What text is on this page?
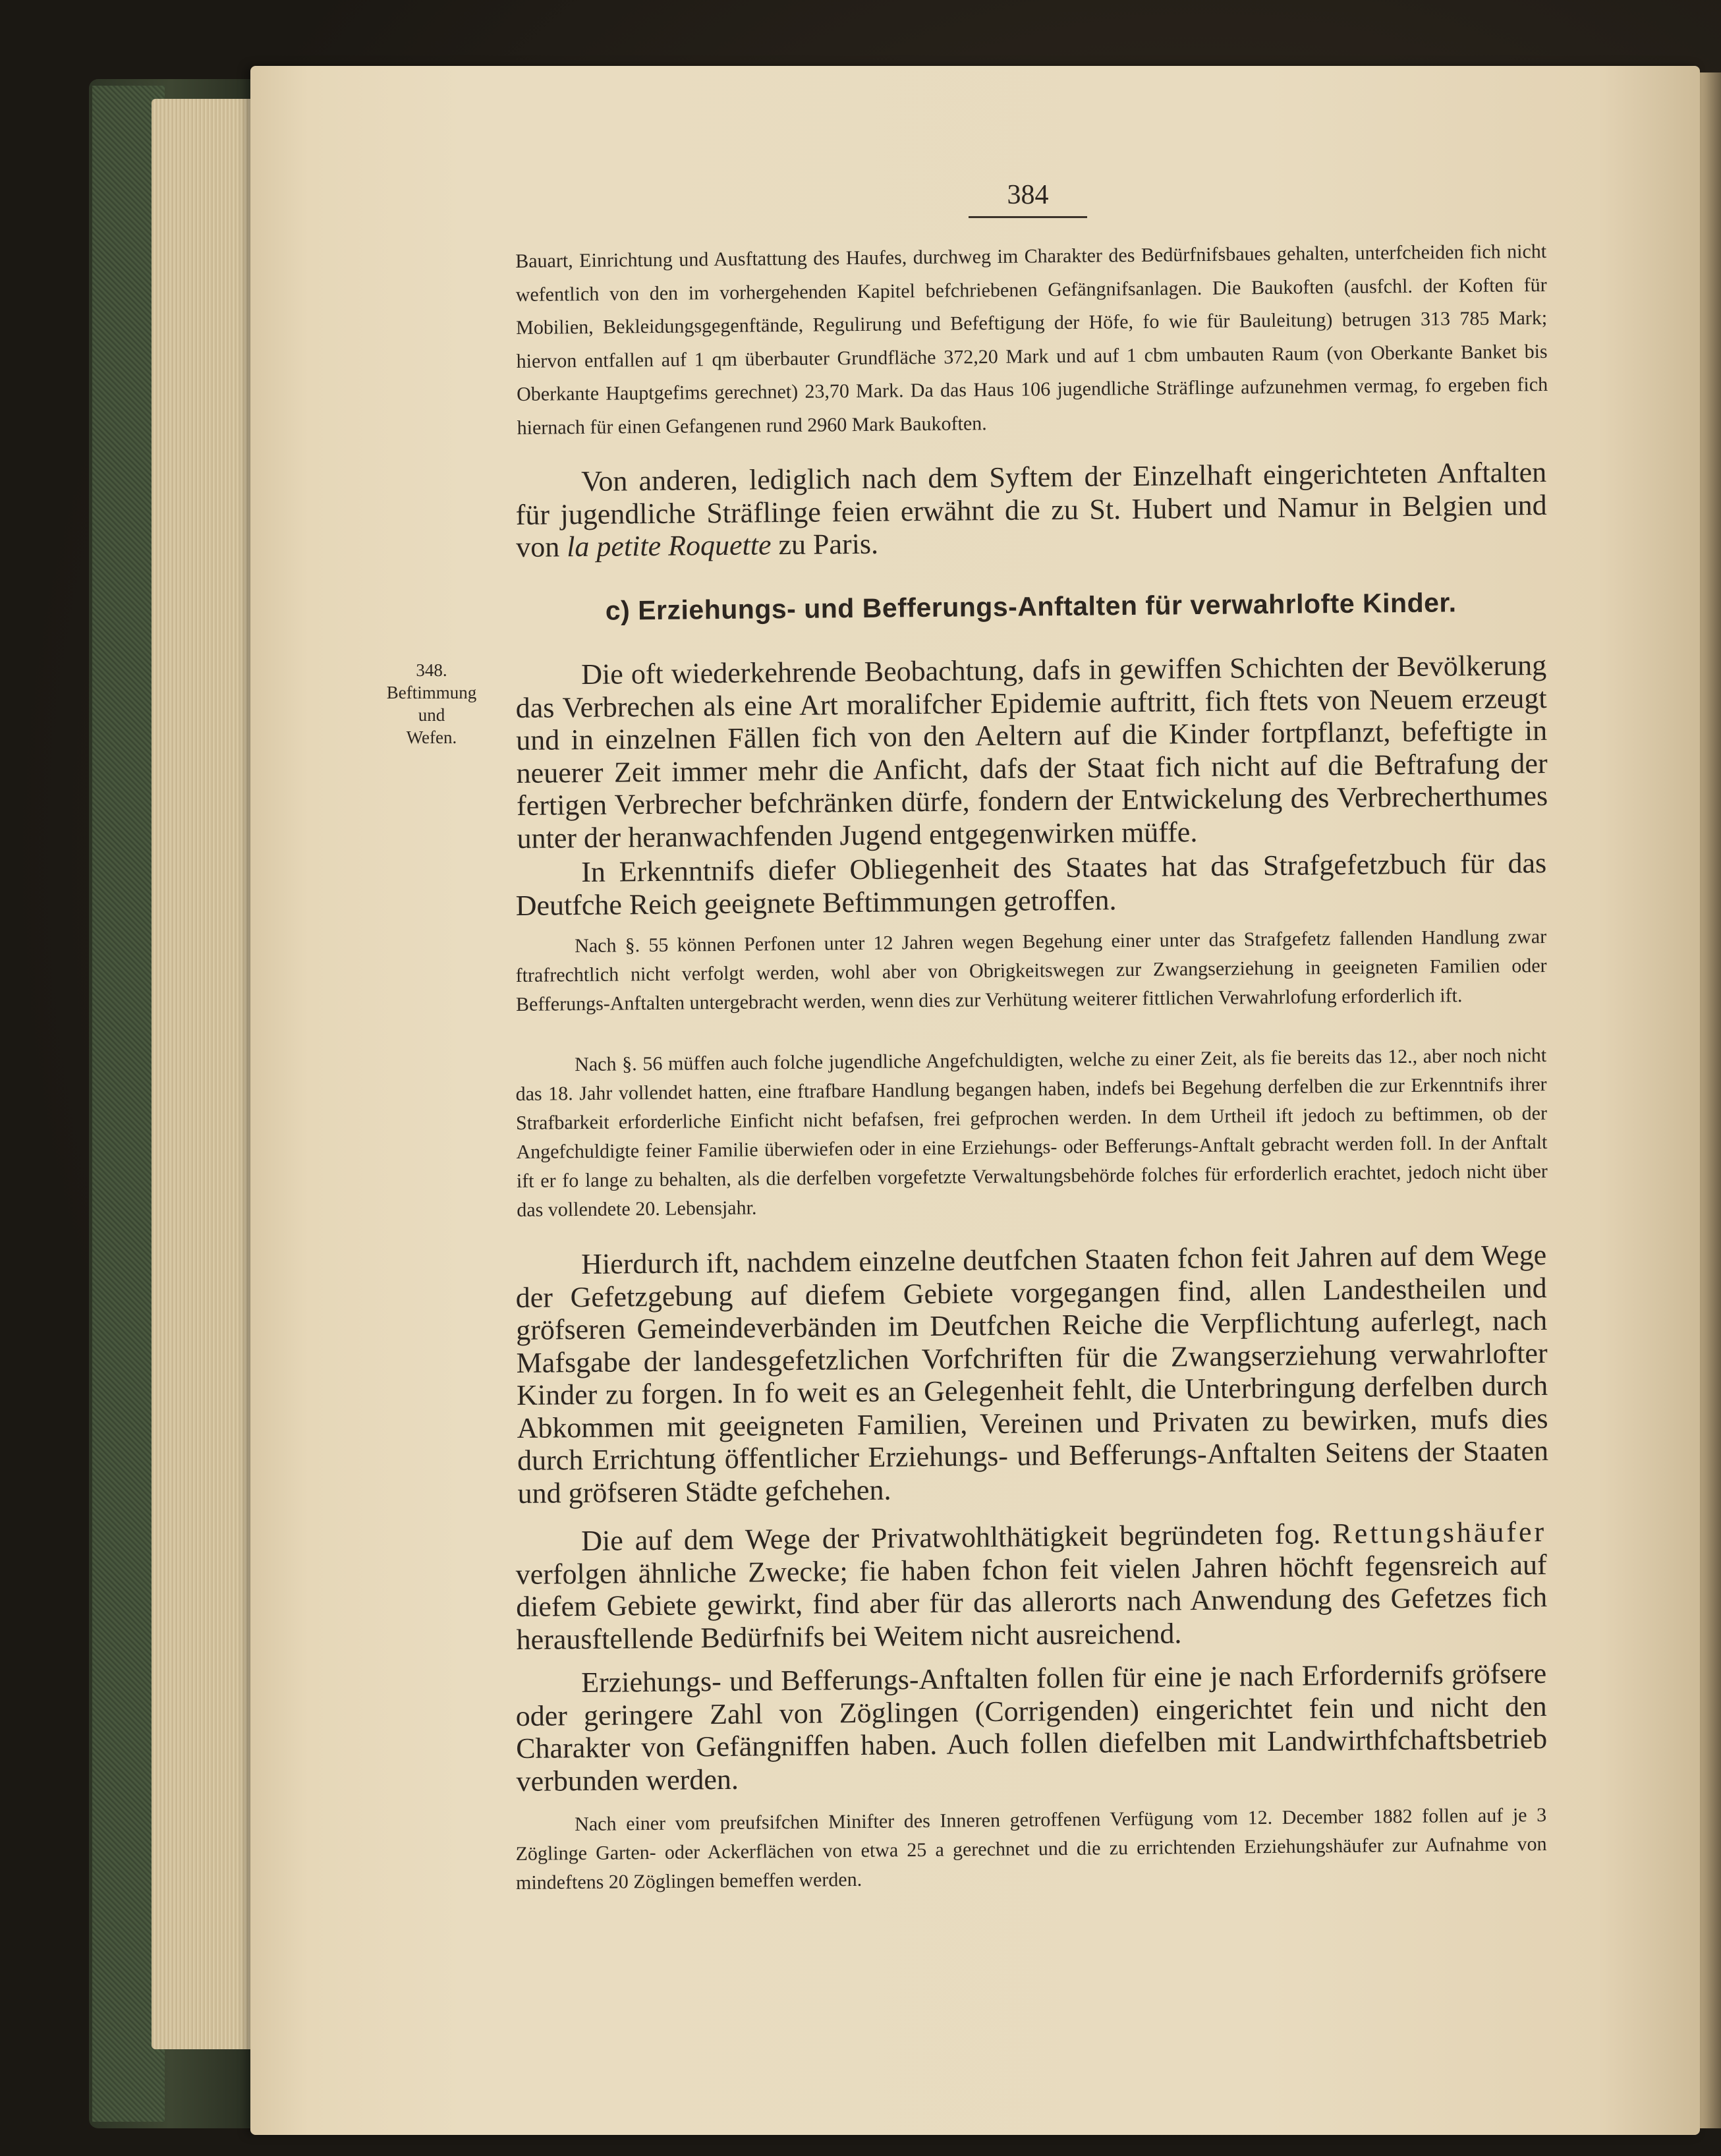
384
348.
Beftimmung
und
Wefen.
Bauart, Einrichtung und Ausftattung des Haufes, durchweg im Charakter des Bedürfnifsbaues gehalten, unterfcheiden fich nicht wefentlich von den im vorhergehenden Kapitel befchriebenen Gefängnifsanlagen. Die Baukoften (ausfchl. der Koften für Mobilien, Bekleidungsgegenftände, Regulirung und Befeftigung der Höfe, fo wie für Bauleitung) betrugen 313 785 Mark; hiervon entfallen auf 1 qm überbauter Grundfläche 372,20 Mark und auf 1 cbm umbauten Raum (von Oberkante Banket bis Oberkante Hauptgefims gerechnet) 23,70 Mark. Da das Haus 106 jugendliche Sträflinge aufzunehmen vermag, fo ergeben fich hiernach für einen Gefangenen rund 2960 Mark Baukoften.
Von anderen, lediglich nach dem Syftem der Einzelhaft eingerichteten Anftalten für jugendliche Sträflinge feien erwähnt die zu St. Hubert und Namur in Belgien und von la petite Roquette zu Paris.
c) Erziehungs- und Befferungs-Anftalten für verwahrlofte Kinder.
Die oft wiederkehrende Beobachtung, dafs in gewiffen Schichten der Bevölkerung das Verbrechen als eine Art moralifcher Epidemie auftritt, fich ftets von Neuem erzeugt und in einzelnen Fällen fich von den Aeltern auf die Kinder fortpflanzt, befeftigte in neuerer Zeit immer mehr die Anficht, dafs der Staat fich nicht auf die Beftrafung der fertigen Verbrecher befchränken dürfe, fondern der Entwickelung des Verbrecherthumes unter der heranwachfenden Jugend entgegenwirken müffe.
In Erkenntnifs diefer Obliegenheit des Staates hat das Strafgefetzbuch für das Deutfche Reich geeignete Beftimmungen getroffen.
Nach §. 55 können Perfonen unter 12 Jahren wegen Begehung einer unter das Strafgefetz fallenden Handlung zwar ftrafrechtlich nicht verfolgt werden, wohl aber von Obrigkeitswegen zur Zwangserziehung in geeigneten Familien oder Befferungs-Anftalten untergebracht werden, wenn dies zur Verhütung weiterer fittlichen Verwahrlofung erforderlich ift.
Nach §. 56 müffen auch folche jugendliche Angefchuldigten, welche zu einer Zeit, als fie bereits das 12., aber noch nicht das 18. Jahr vollendet hatten, eine ftrafbare Handlung begangen haben, indefs bei Begehung derfelben die zur Erkenntnifs ihrer Strafbarkeit erforderliche Einficht nicht befafsen, frei gefprochen werden. In dem Urtheil ift jedoch zu beftimmen, ob der Angefchuldigte feiner Familie überwiefen oder in eine Erziehungs- oder Befferungs-Anftalt gebracht werden foll. In der Anftalt ift er fo lange zu behalten, als die derfelben vorgefetzte Verwaltungsbehörde folches für erforderlich erachtet, jedoch nicht über das vollendete 20. Lebensjahr.
Hierdurch ift, nachdem einzelne deutfchen Staaten fchon feit Jahren auf dem Wege der Gefetzgebung auf diefem Gebiete vorgegangen find, allen Landestheilen und gröfseren Gemeindeverbänden im Deutfchen Reiche die Verpflichtung auferlegt, nach Mafsgabe der landesgefetzlichen Vorfchriften für die Zwangserziehung verwahrlofter Kinder zu forgen. In fo weit es an Gelegenheit fehlt, die Unterbringung derfelben durch Abkommen mit geeigneten Familien, Vereinen und Privaten zu bewirken, mufs dies durch Errichtung öffentlicher Erziehungs- und Befferungs-Anftalten Seitens der Staaten und gröfseren Städte gefchehen.
Die auf dem Wege der Privatwohlthätigkeit begründeten fog. Rettungshäufer verfolgen ähnliche Zwecke; fie haben fchon feit vielen Jahren höchft fegensreich auf diefem Gebiete gewirkt, find aber für das allerorts nach Anwendung des Gefetzes fich herausftellende Bedürfnifs bei Weitem nicht ausreichend.
Erziehungs- und Befferungs-Anftalten follen für eine je nach Erfordernifs gröfsere oder geringere Zahl von Zöglingen (Corrigenden) eingerichtet fein und nicht den Charakter von Gefängniffen haben. Auch follen diefelben mit Landwirthfchaftsbetrieb verbunden werden.
Nach einer vom preufsifchen Minifter des Inneren getroffenen Verfügung vom 12. December 1882 follen auf je 3 Zöglinge Garten- oder Ackerflächen von etwa 25 a gerechnet und die zu errichtenden Erziehungshäufer zur Aufnahme von mindeftens 20 Zöglingen bemeffen werden.
